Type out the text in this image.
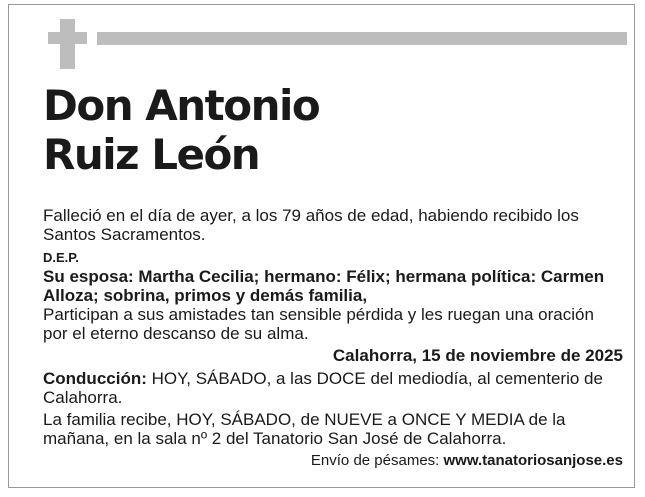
Don Antonio
Ruiz León

Falleció en el día de ayer, a los 79 años de edad, habiendo recibido los Santos Sacramentos.

D.E.P.

Su esposa: Martha Cecilia; hermano: Félix; hermana política: Carmen Alloza; sobrina, primos y demás familia,

Participan a sus amistades tan sensible pérdida y les ruegan una oración por el eterno descanso de su alma.

Calahorra, 15 de noviembre de 2025

Conducción: HOY, SÁBADO, a las DOCE del mediodía, al cementerio de Calahorra.

La familia recibe, HOY, SÁBADO, de NUEVE a ONCE Y MEDIA de la mañana, en la sala nº 2 del Tanatorio San José de Calahorra.

Envío de pésames: www.tanatoriosanjose.es
